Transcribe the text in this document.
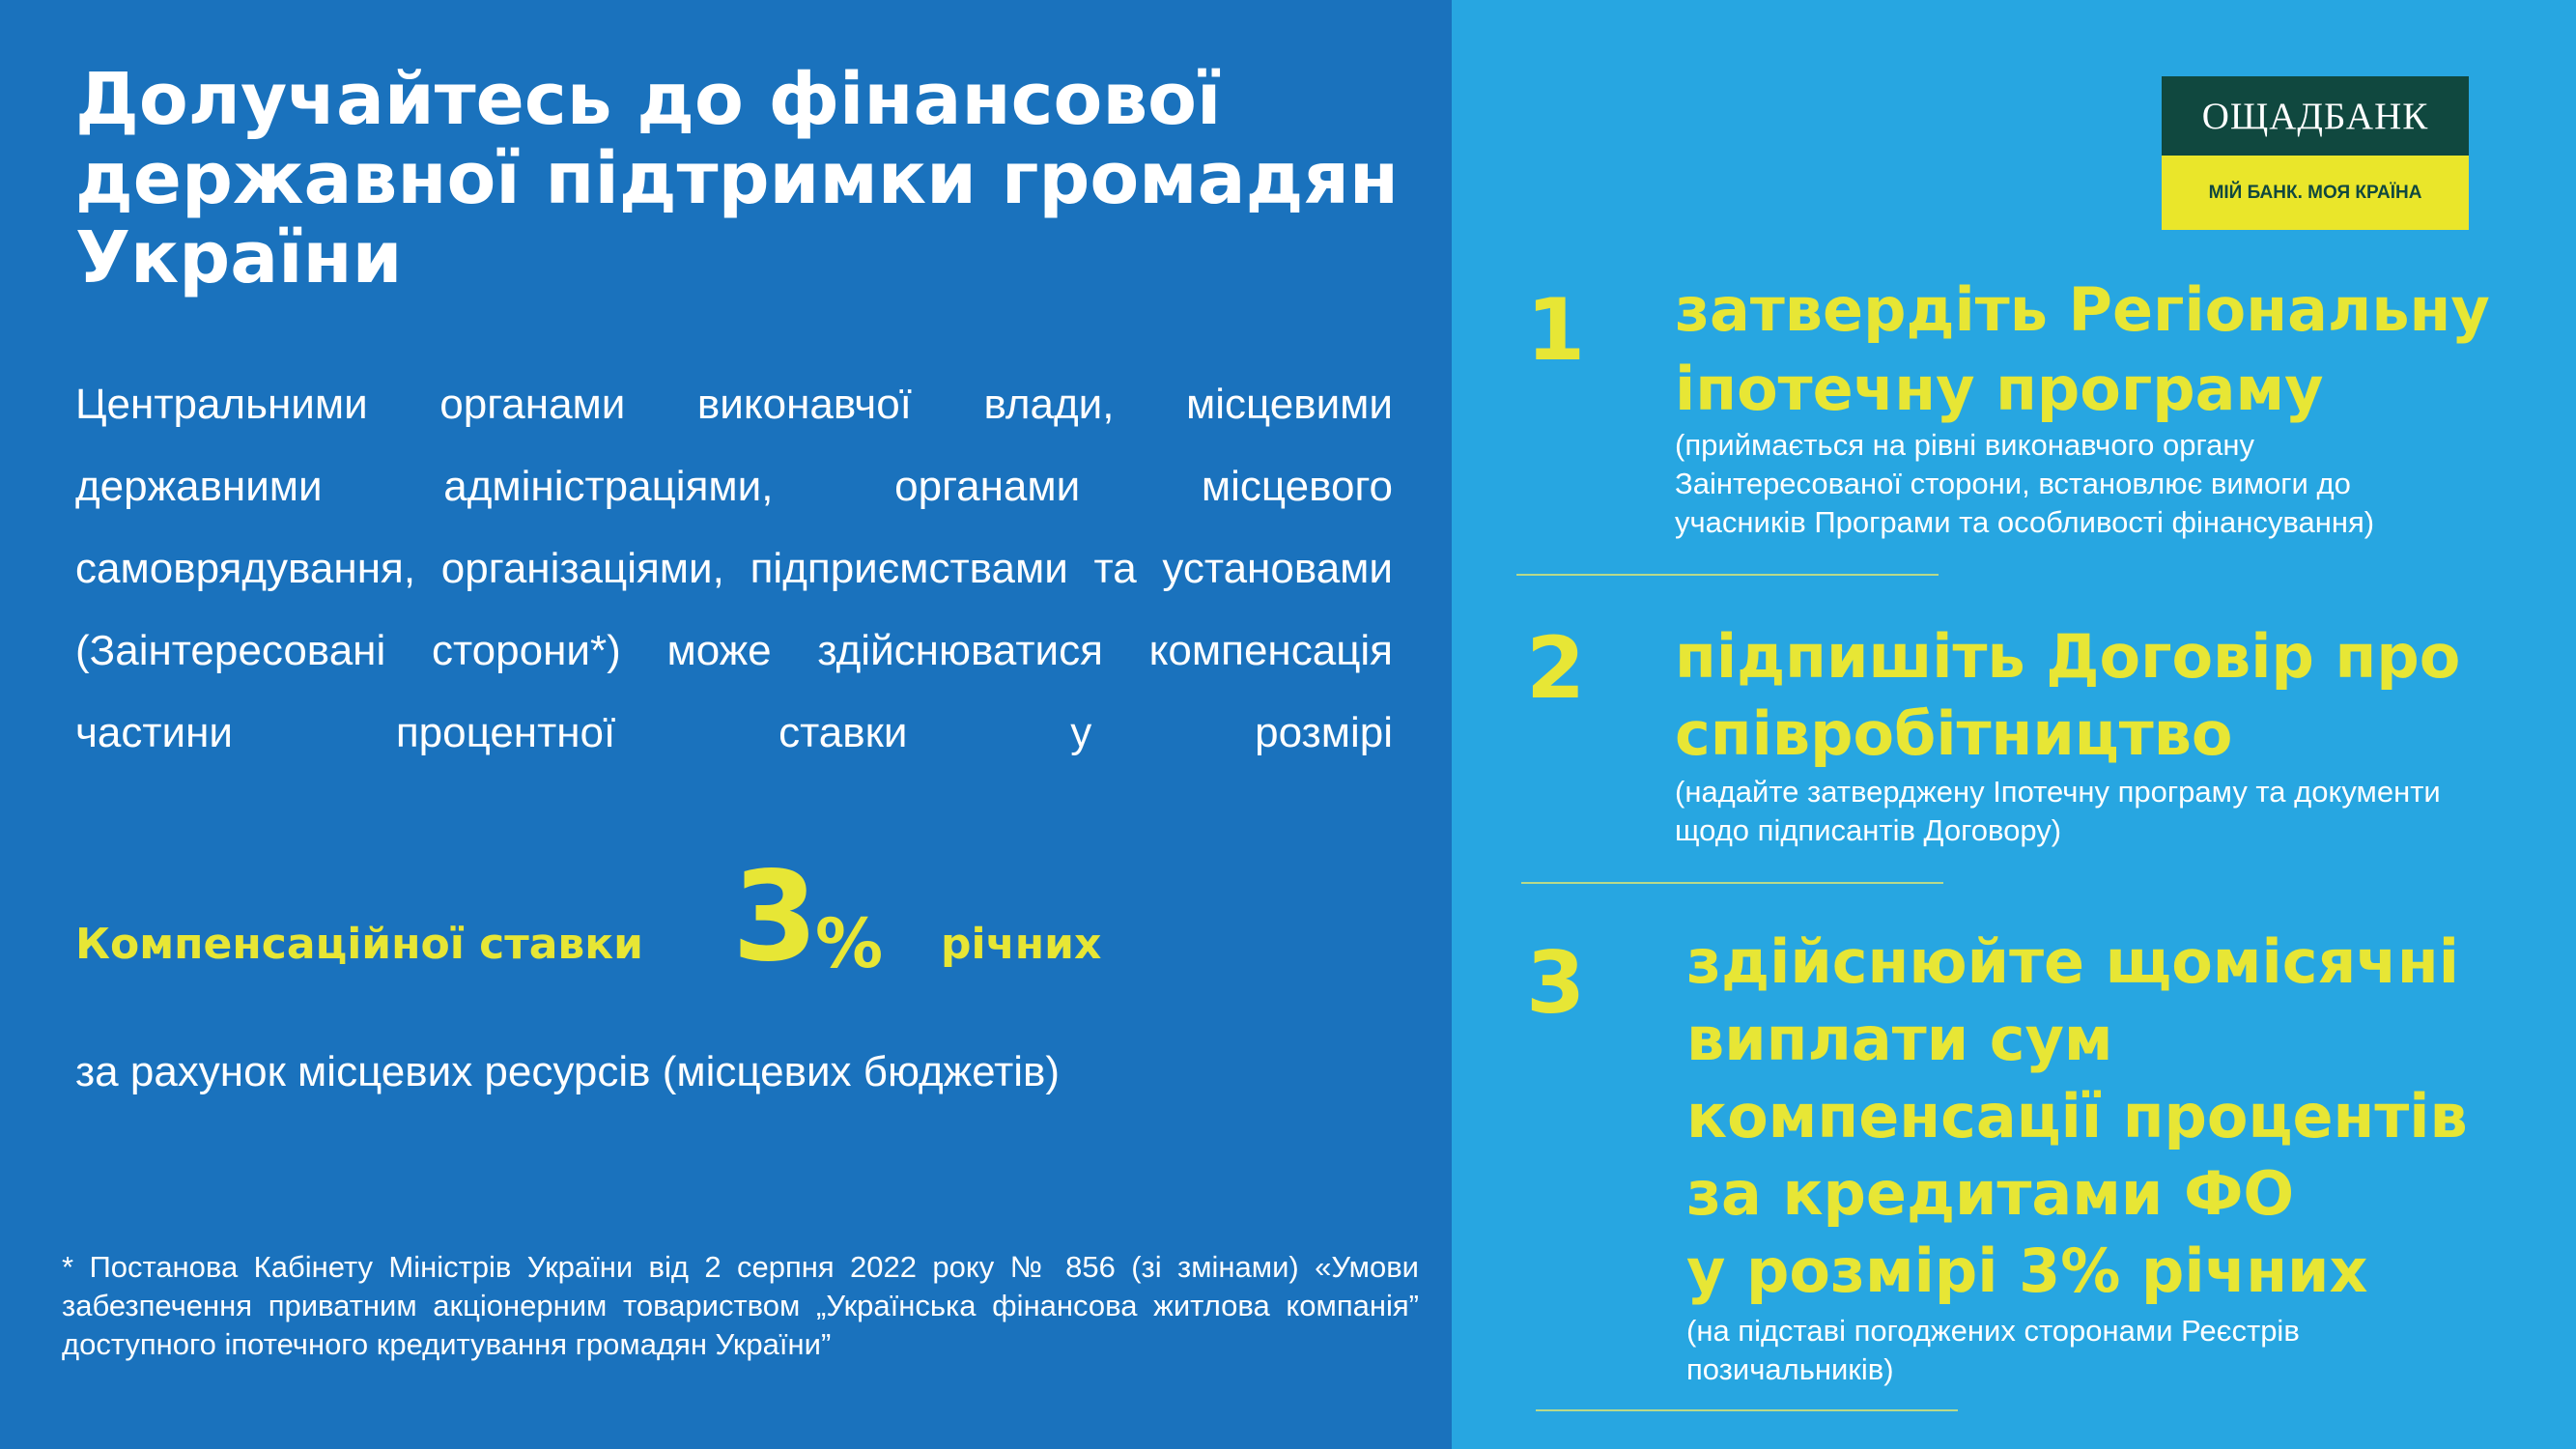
Долучайтесь до фінансової
державної підтримки громадян
України

Центральними органами виконавчої влади, місцевими державними адміністраціями, органами місцевого самоврядування, організаціями, підприємствами та установами (Заінтересовані сторони*) може здійснюватися компенсація частини процентної ставки у розмірі

Компенсаційної ставки 3
% річних

за рахунок місцевих ресурсів (місцевих бюджетів)

* Постанова Кабінету Міністрів України від 2 серпня 2022 року № 856 (зі змінами) «Умови забезпечення приватним акціонерним товариством „Українська фінансова житлова компанія” доступного іпотечного кредитування громадян України”

ОЩАДБАНК
МІЙ БАНК. МОЯ КРАЇНА
1 затвердіть Регіональну
іпотечну програму
(приймається на рівні виконавчого органу
Заінтересованої сторони, встановлює вимоги до
учасників Програми та особливості фінансування)
2 підпишіть Договір про
співробітництво
(надайте затверджену Іпотечну програму та документи
щодо підписантів Договору)
3 здійснюйте щомісячні
виплати сум
компенсації процентів
за кредитами ФО
у розмірі 3% річних
(на підставі погоджених сторонами Реєстрів
позичальників)
